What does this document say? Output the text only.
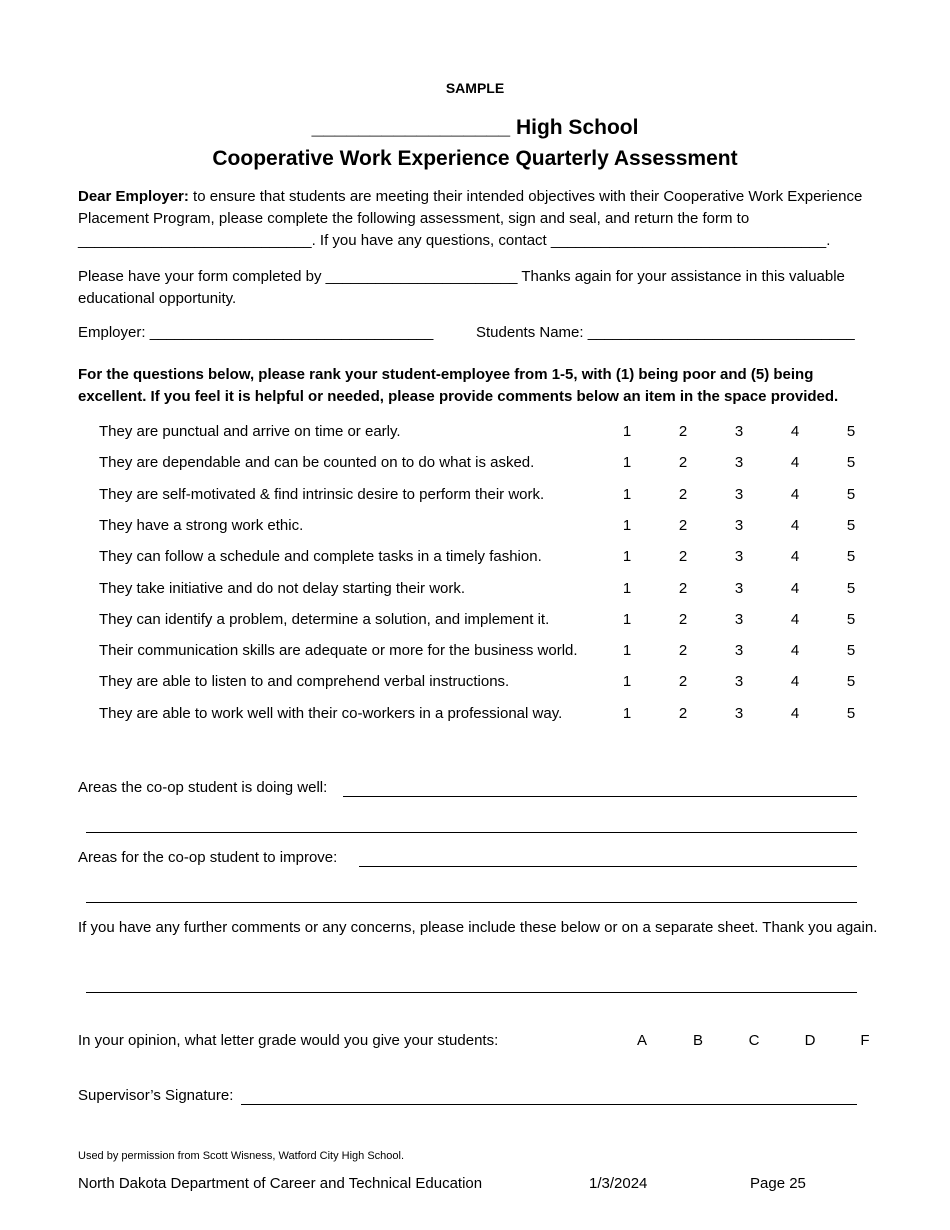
SAMPLE
_________________ High School
Cooperative Work Experience Quarterly Assessment
Dear Employer: to ensure that students are meeting their intended objectives with their Cooperative Work Experience Placement Program, please complete the following assessment, sign and seal, and return the form to ____________________________. If you have any questions, contact _________________________________.
Please have your form completed by _______________________ Thanks again for your assistance in this valuable educational opportunity.
Employer: __________________________________	Students Name: ________________________________
For the questions below, please rank your student-employee from 1-5, with (1) being poor and (5) being excellent. If you feel it is helpful or needed, please provide comments below an item in the space provided.
They are punctual and arrive on time or early.	1	2	3	4	5
They are dependable and can be counted on to do what is asked.	1	2	3	4	5
They are self-motivated & find intrinsic desire to perform their work.	1	2	3	4	5
They have a strong work ethic.	1	2	3	4	5
They can follow a schedule and complete tasks in a timely fashion.	1	2	3	4	5
They take initiative and do not delay starting their work.	1	2	3	4	5
They can identify a problem, determine a solution, and implement it.	1	2	3	4	5
Their communication skills are adequate or more for the business world.	1	2	3	4	5
They are able to listen to and comprehend verbal instructions.	1	2	3	4	5
They are able to work well with their co-workers in a professional way.	1	2	3	4	5
Areas the co-op student is doing well:
Areas for the co-op student to improve:
If you have any further comments or any concerns, please include these below or on a separate sheet. Thank you again.
In your opinion, what letter grade would you give your students:	A	B	C	D	F
Supervisor’s Signature:
Used by permission from Scott Wisness, Watford City High School.
North Dakota Department of Career and Technical Education	1/3/2024	Page 25
